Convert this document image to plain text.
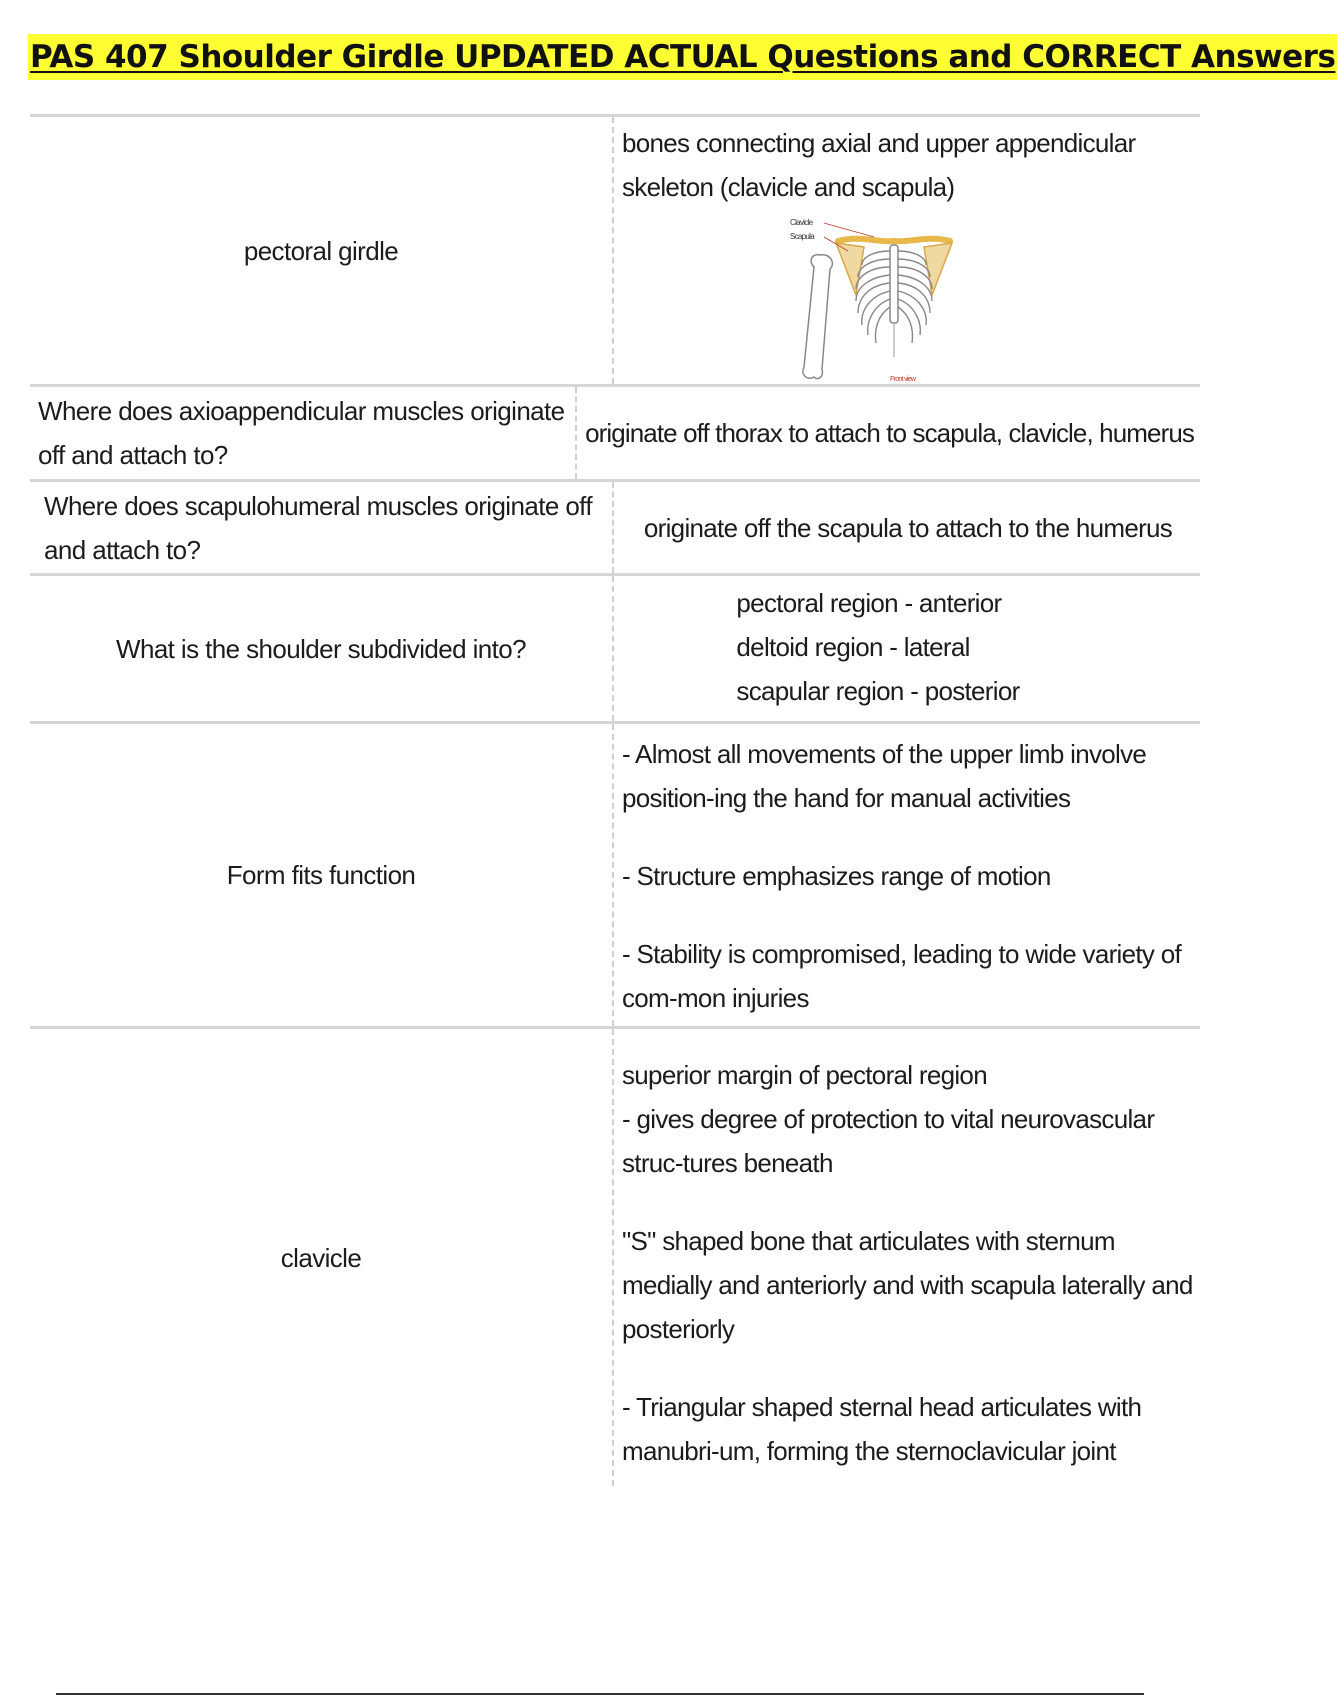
PAS 407 Shoulder Girdle UPDATED ACTUAL Questions and CORRECT Answers
pectoral girdle

bones connecting axial and upper appendicular skeleton (clavicle and scapula)

Clavicle
Scapula
Front view
Where does axioappendicular muscles originate off and attach to?
originate off thorax to attach to scapula, clavicle, humerus
Where does scapulohumeral muscles originate off and attach to?
originate off the scapula to attach to the humerus
What is the shoulder subdivided into?
pectoral region - anterior
deltoid region - lateral
scapular region - posterior
Form fits function

- Almost all movements of the upper limb involve position-ing the hand for manual activities

- Structure emphasizes range of motion

- Stability is compromised, leading to wide variety of com-mon injuries

clavicle

superior margin of pectoral region

- gives degree of protection to vital neurovascular struc-tures beneath

"S" shaped bone that articulates with sternum medially and anteriorly and with scapula laterally and posteriorly

- Triangular shaped sternal head articulates with manubri-um, forming the sternoclavicular joint
